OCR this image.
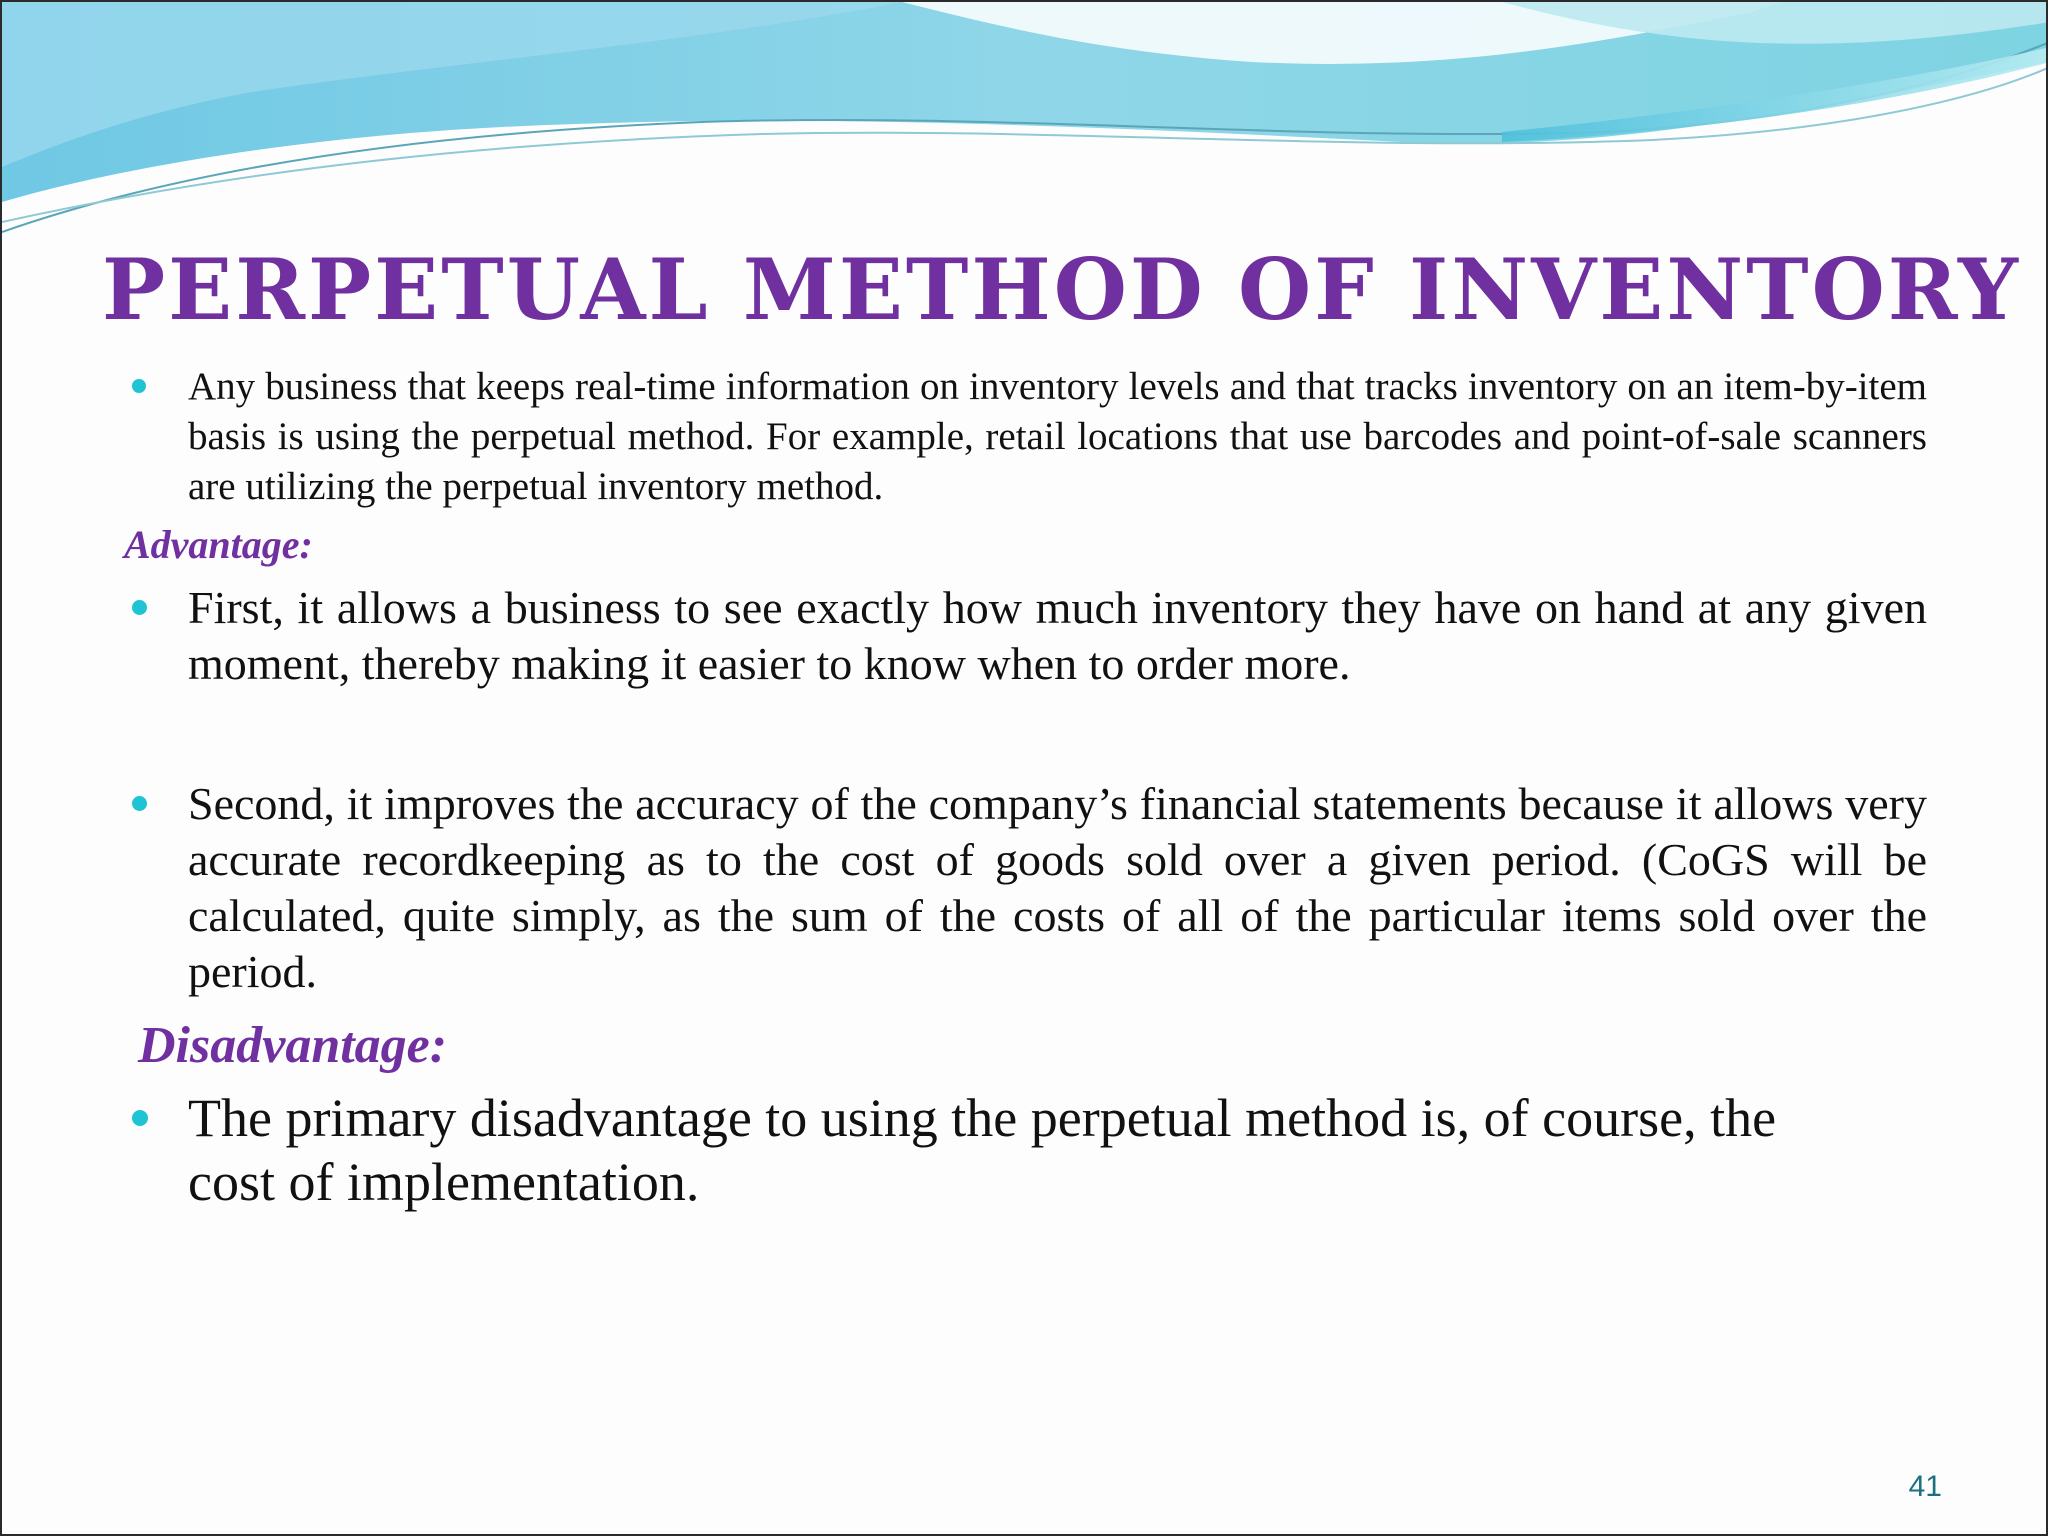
PERPETUAL METHOD OF INVENTORY
Any business that keeps real-time information on inventory levels and that tracks inventory on an item-by-item basis is using the perpetual method. For example, retail locations that use barcodes and point-of-sale scanners are utilizing the perpetual inventory method.
Advantage:
First, it allows a business to see exactly how much inventory they have on hand at any given moment, thereby making it easier to know when to order more.
Second, it improves the accuracy of the company’s financial statements because it allows very accurate recordkeeping as to the cost of goods sold over a given period. (CoGS will be calculated, quite simply, as the sum of the costs of all of the particular items sold over the period.
Disadvantage:
The primary disadvantage to using the perpetual method is, of course, the cost of implementation.
41
